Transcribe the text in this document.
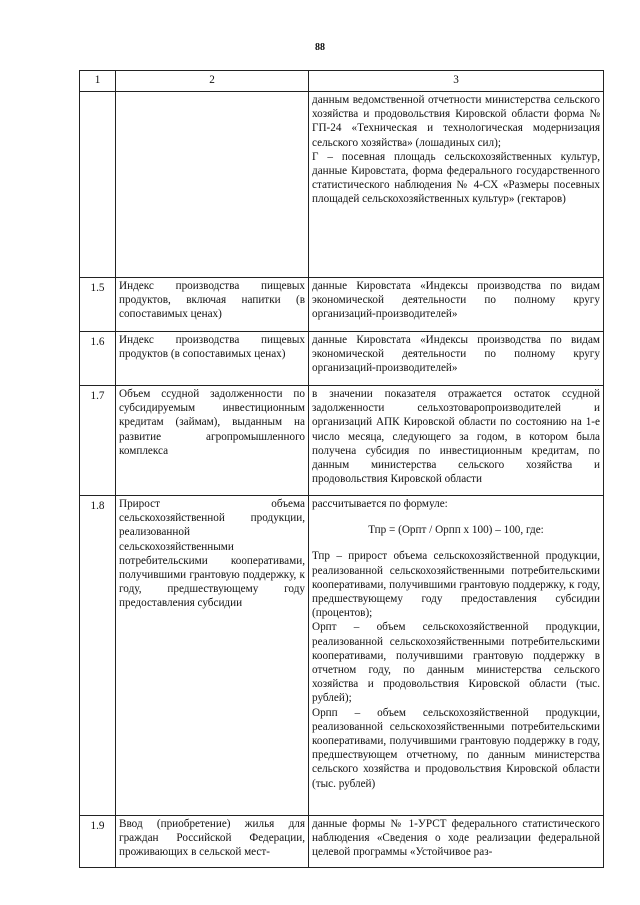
88
1	2	3

		данным ведомственной отчетности министерства сельского хозяйства и продовольствия Кировской области форма № ГП-24 «Техническая и технологическая модернизация сельского хозяйства» (лошадиных сил);
Г – посевная площадь сельскохозяйственных культур, данные Кировстата, форма федерального государственного статистического наблюдения № 4-СХ «Размеры посевных площадей сельскохозяйственных культур» (гектаров)

1.5	Индекс производства пищевых продуктов, включая напитки (в сопоставимых ценах)	данные Кировстата «Индексы производства по видам экономической деятельности по полному кругу организаций-производителей»

1.6	Индекс производства пищевых продуктов (в сопоставимых ценах)	данные Кировстата «Индексы производства по видам экономической деятельности по полному кругу организаций-производителей»

1.7	Объем ссудной задолженности по субсидируемым инвестиционным кредитам (займам), выданным на развитие агропромышленного комплекса	в значении показателя отражается остаток ссудной задолженности сельхозтоваропроизводителей и организаций АПК Кировской области по состоянию на 1-е число месяца, следующего за годом, в котором была получена субсидия по инвестиционным кредитам, по данным министерства сельского хозяйства и продовольствия Кировской области

1.8	Прирост объема сельскохозяйственной продукции, реализованной сельскохозяйственными потребительскими кооперативами, получившими грантовую поддержку, к году, предшествующему году предоставления субсидии	рассчитывается по формуле:
Тпр = (Орпт / Орпп х 100) – 100, где:
Тпр – прирост объема сельскохозяйственной продукции, реализованной сельскохозяйственными потребительскими кооперативами, получившими грантовую поддержку, к году, предшествующему году предоставления субсидии (процентов);
Орпт – объем сельскохозяйственной продукции, реализованной сельскохозяйственными потребительскими кооперативами, получившими грантовую поддержку в отчетном году, по данным министерства сельского хозяйства и продовольствия Кировской области (тыс. рублей);
Орпп – объем сельскохозяйственной продукции, реализованной сельскохозяйственными потребительскими кооперативами, получившими грантовую поддержку в году, предшествующем отчетному, по данным министерства сельского хозяйства и продовольствия Кировской области (тыс. рублей)

1.9	Ввод (приобретение) жилья для граждан Российской Федерации, проживающих в сельской мест-	данные формы № 1-УРСТ федерального статистического наблюдения «Сведения о ходе реализации федеральной целевой программы «Устойчивое раз-
